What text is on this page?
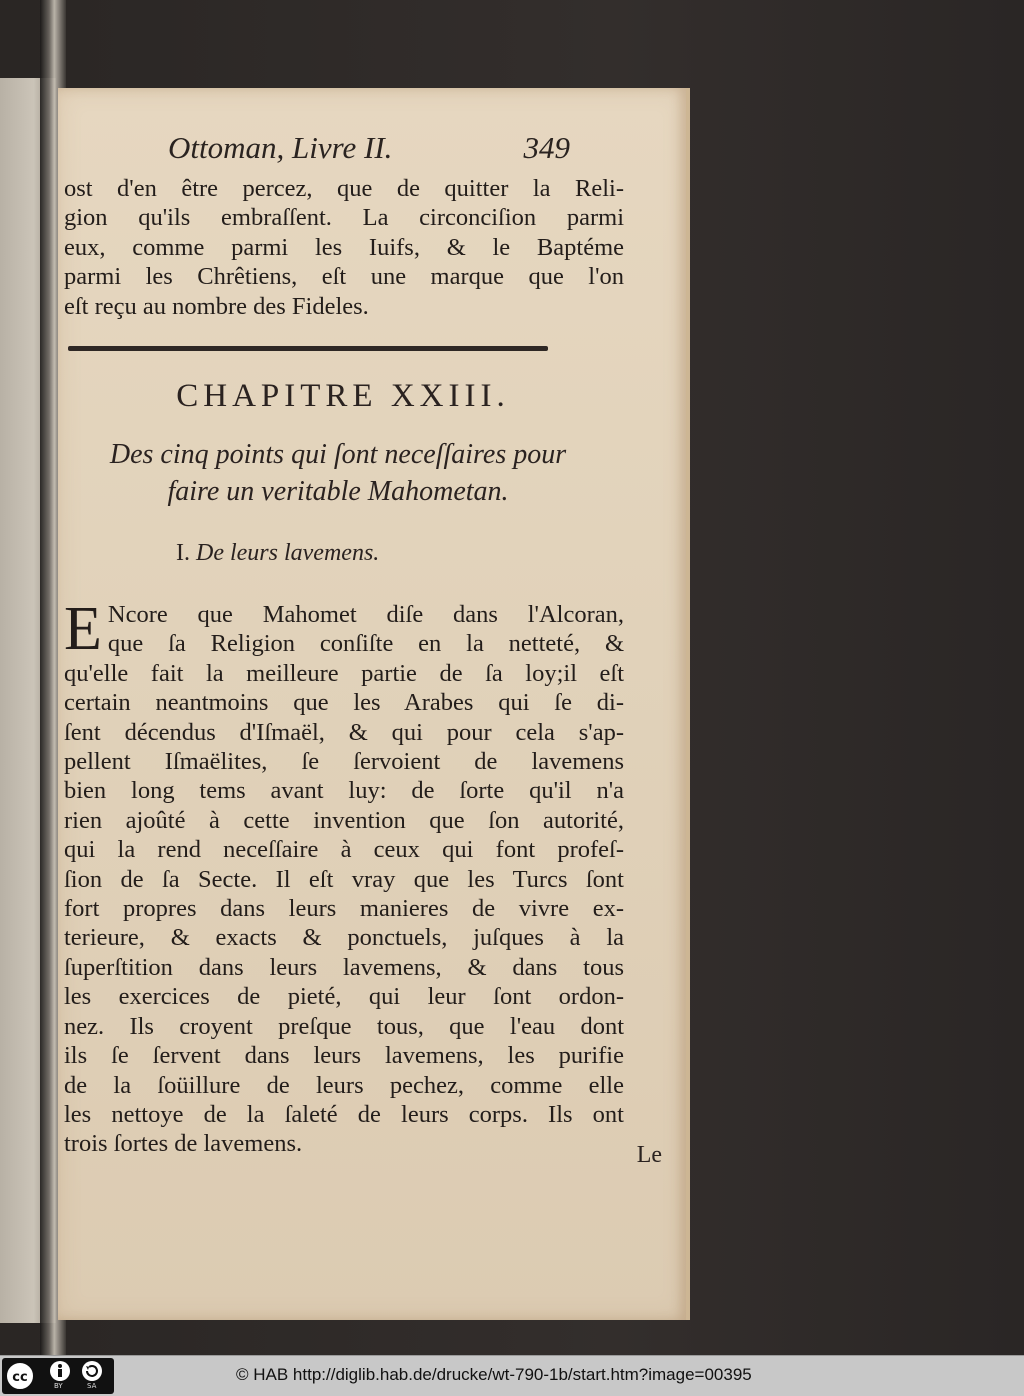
Ottoman, Livre II.	349
ost d'en être percez, que de quitter la Reli-
gion qu'ils embraſſent. La circonciſion parmi
eux, comme parmi les Iuifs, & le Baptéme
parmi les Chrêtiens, eſt une marque que l'on
eſt reçu au nombre des Fideles.
CHAPITRE XXIII.
Des cinq points qui ſont neceſſaires pour
faire un veritable Mahometan.
I. De leurs lavemens.
E Ncore que Mahomet diſe dans l'Alcoran,
que ſa Religion conſiſte en la netteté, &
qu'elle fait la meilleure partie de ſa loy;il eſt
certain neantmoins que les Arabes qui ſe di-
ſent décendus d'Iſmaël, & qui pour cela s'ap-
pellent Iſmaëlites, ſe ſervoient de lavemens
bien long tems avant luy: de ſorte qu'il n'a
rien ajoûté à cette invention que ſon autorité,
qui la rend neceſſaire à ceux qui font profeſ-
ſion de ſa Secte. Il eſt vray que les Turcs ſont
fort propres dans leurs manieres de vivre ex-
terieure, & exacts & ponctuels, juſques à la
ſuperſtition dans leurs lavemens, & dans tous
les exercices de pieté, qui leur ſont ordon-
nez. Ils croyent preſque tous, que l'eau dont
ils ſe ſervent dans leurs lavemens, les purifie
de la ſoüillure de leurs pechez, comme elle
les nettoye de la ſaleté de leurs corps. Ils ont
trois ſortes de lavemens.	Le
cc
BY	SA
© HAB http://diglib.hab.de/drucke/wt-790-1b/start.htm?image=00395
